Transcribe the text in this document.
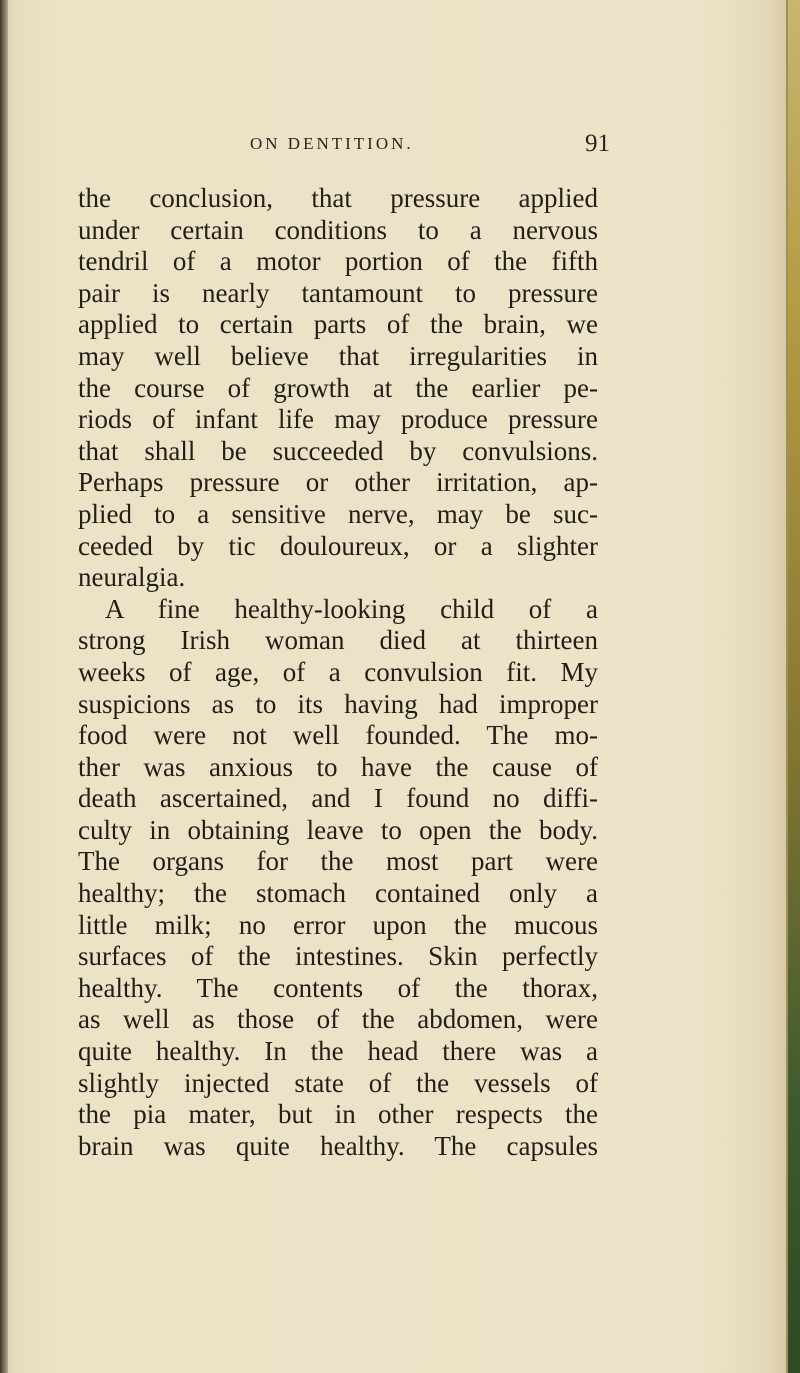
ON DENTITION.	91
the conclusion, that pressure applied
under certain conditions to a nervous
tendril of a motor portion of the fifth
pair is nearly tantamount to pressure
applied to certain parts of the brain, we
may well believe that irregularities in
the course of growth at the earlier pe-
riods of infant life may produce pressure
that shall be succeeded by convulsions.
Perhaps pressure or other irritation, ap-
plied to a sensitive nerve, may be suc-
ceeded by tic douloureux, or a slighter
neuralgia.
A fine healthy-looking child of a
strong Irish woman died at thirteen
weeks of age, of a convulsion fit. My
suspicions as to its having had improper
food were not well founded. The mo-
ther was anxious to have the cause of
death ascertained, and I found no diffi-
culty in obtaining leave to open the body.
The organs for the most part were
healthy; the stomach contained only a
little milk; no error upon the mucous
surfaces of the intestines. Skin perfectly
healthy. The contents of the thorax,
as well as those of the abdomen, were
quite healthy. In the head there was a
slightly injected state of the vessels of
the pia mater, but in other respects the
brain was quite healthy. The capsules
